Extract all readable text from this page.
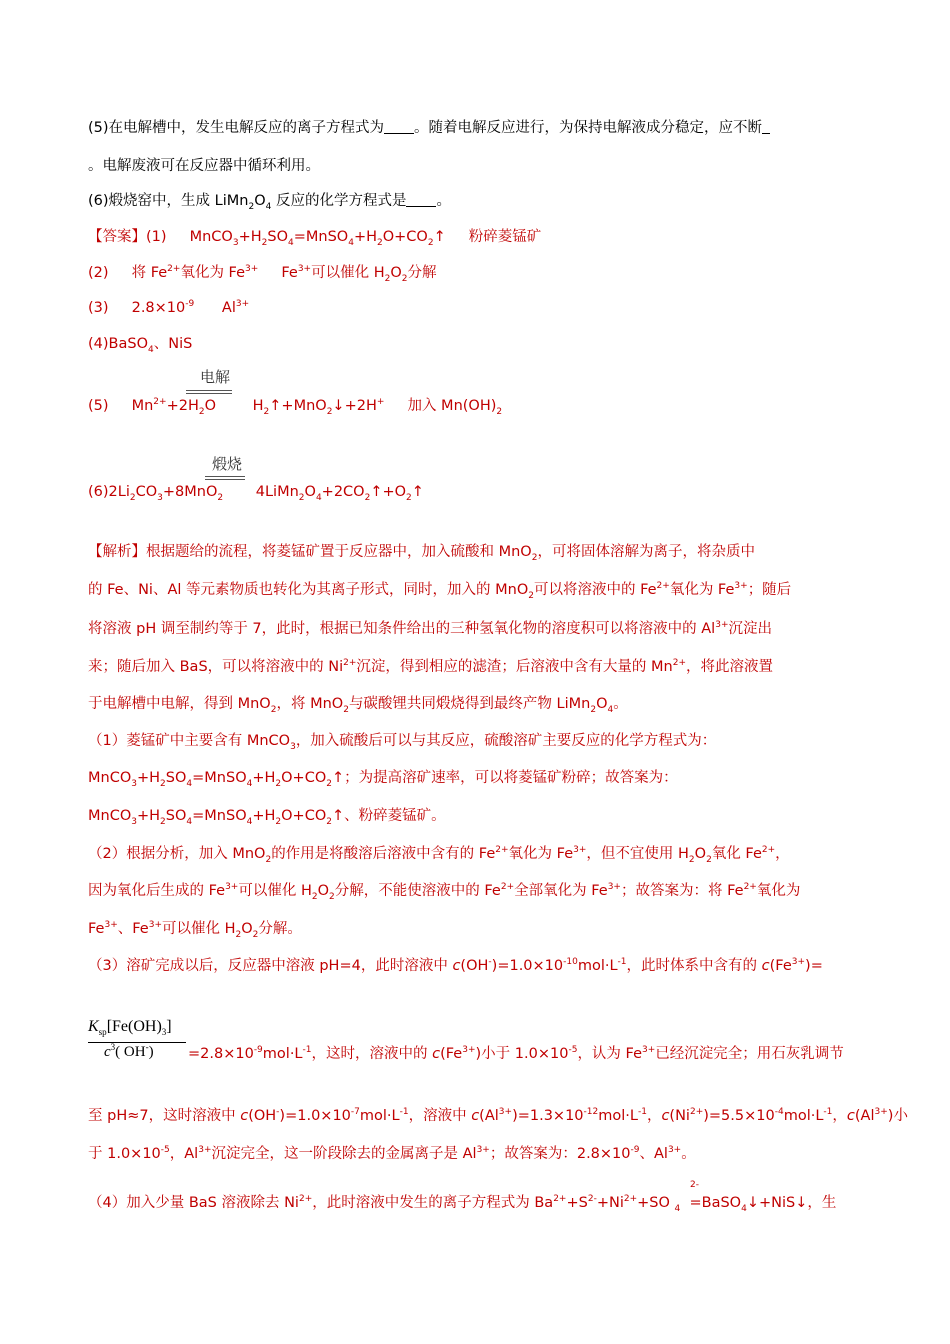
(5)在电解槽中，发生电解反应的离子方程式为 。随着电解反应进行，为保持电解液成分稳定，应不断
。电解废液可在反应器中循环利用。
(6)煅烧窑中，生成 $LiMn_2O_4$ 反应的化学方程式是 。
【答案】(1)     $MnCO_3+H_2SO_4=MnSO_4+H_2O+CO_2↑$ 粉碎菱锰矿
(2) 将 $Fe^{2+}$氧化为 $Fe^{3+}$ $Fe^{3+}$可以催化 $H_2O_2$分解
(3) $2.8\times 10^{-9}$ $Al^{3+}$
(4)BaSO$_4$、NiS
电解
(5) $Mn^{2+}+2H_2O$	$H_2↑+MnO_2↓+2H^+$ 加入 $Mn(OH)_2$
煅烧
$(6)2Li_2CO_3+8MnO_2$ $4LiMn_2O_4+2CO_2↑+O_2↑$
【解析】根据题给的流程，将菱锰矿置于反应器中，加入硫酸和 MnO$_2$，可将固体溶解为离子，将杂质中
的 Fe、Ni、Al 等元素物质也转化为其离子形式，同时，加入的 MnO$_2$可以将溶液中的 $Fe^{2+}$氧化为 $Fe^{3+}$；随后
将溶液 pH 调至制约等于 7，此时，根据已知条件给出的三种氢氧化物的溶度积可以将溶液中的 $Al^{3+}$沉淀出
来；随后加入 BaS，可以将溶液中的 $Ni^{2+}$沉淀，得到相应的滤渣；后溶液中含有大量的 $Mn^{2+}$，将此溶液置
于电解槽中电解，得到 MnO$_2$，将 MnO$_2$与碳酸锂共同煅烧得到最终产物 $LiMn_2O_4$。
（1）菱锰矿中主要含有 MnCO$_3$，加入硫酸后可以与其反应，硫酸溶矿主要反应的化学方程式为：
$MnCO_3+H_2SO_4=MnSO_4+H_2O+CO_2↑$；为提高溶矿速率，可以将菱锰矿粉碎；故答案为：
$MnCO_3+H_2SO_4=MnSO_4+H_2O+CO_2↑$、粉碎菱锰矿。
（2）根据分析，加入 MnO$_2$的作用是将酸溶后溶液中含有的 $Fe^{2+}$氧化为 $Fe^{3+}$，但不宜使用 $H_2O_2$氧化 $Fe^{2+}$，
因为氧化后生成的 $Fe^{3+}$可以催化 $H_2O_2$分解，不能使溶液中的 $Fe^{2+}$全部氧化为 $Fe^{3+}$；故答案为：将 $Fe^{2+}$氧化为
$Fe^{3+}$、$Fe^{3+}$可以催化 $H_2O_2$分解。
（3）溶矿完成以后，反应器中溶液 pH=4，此时溶液中 $c(OH^-)=1.0\times 10^{-10}mol\cdot L^{-1}$，此时体系中含有的 $c(Fe^{3+})=$
$K_{sp}[Fe(OH)_3]$
$c^3$( $OH^-) =2.8\times 10^{-9}mol\cdot L^{-1}$，这时，溶液中的 $c(Fe^{3+})$小于 $1.0\times 10^{-5}$，认为 $Fe^{3+}$已经沉淀完全；用石灰乳调节
至 pH≈7，这时溶液中 $c(OH^-)=1.0\times 10^{-7}mol\cdot L^{-1}$，溶液中 $c(Al^{3+})=1.3\times 10^{-12}mol\cdot L^{-1}$，$c(Ni^{2+})=5.5\times 10^{-4}mol\cdot L^{-1}$，$c(Al^{3+})$小
于 $1.0\times 10^{-5}$，$Al^{3+}$沉淀完全，这一阶段除去的金属离子是 $Al^{3+}$；故答案为：$2.8\times 10^{-9}$、$Al^{3+}$。
2-
（4）加入少量 BaS 溶液除去 $Ni^{2+}$，此时溶液中发生的离子方程式为 $Ba^{2+}+S^{2-}+Ni^{2+}+SO$ $_4$ =BaSO$_4$↓+NiS↓，生
